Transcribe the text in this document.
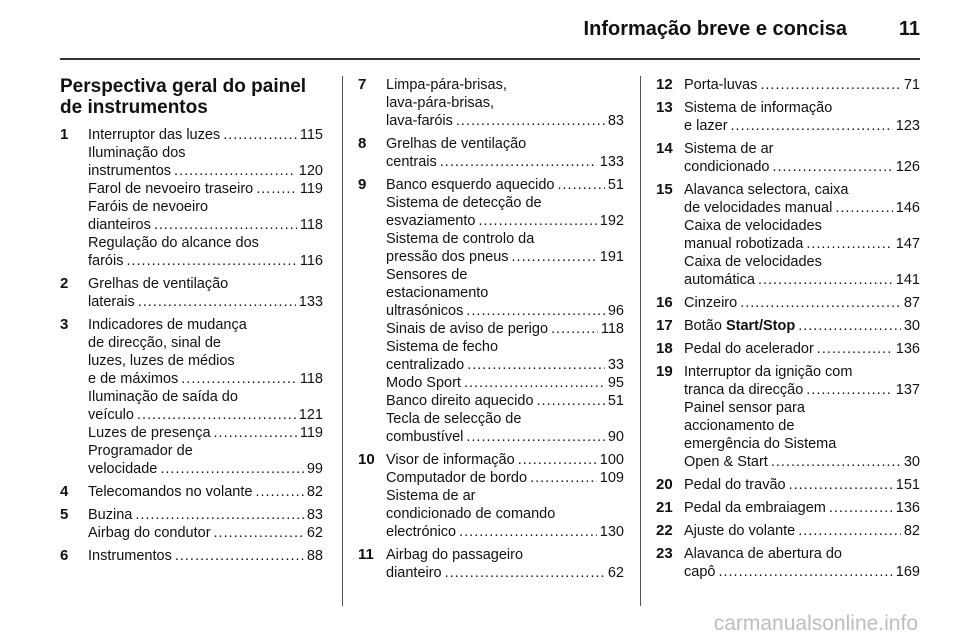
Informação breve e concisa	11
Perspectiva geral do painel de instrumentos
1	Interruptor das luzes .....	115
Iluminação dos
instrumentos .....	120
Farol de nevoeiro traseiro .....	119
Faróis de nevoeiro
dianteiros .....	118
Regulação do alcance dos
faróis .....	116
2	Grelhas de ventilação
laterais .....	133
3	Indicadores de mudança
de direcção, sinal de
luzes, luzes de médios
e de máximos .....	118
Iluminação de saída do
veículo .....	121
Luzes de presença .....	119
Programador de
velocidade .....	99
4	Telecomandos no volante .....	82
5	Buzina .....	83
Airbag do condutor .....	62
6	Instrumentos .....	88
7	Limpa-pára-brisas,
lava-pára-brisas,
lava-faróis .....	83
8	Grelhas de ventilação
centrais .....	133
9	Banco esquerdo aquecido .....	51
Sistema de detecção de
esvaziamento .....	192
Sistema de controlo da
pressão dos pneus .....	191
Sensores de
estacionamento
ultrasónicos .....	96
Sinais de aviso de perigo .....	118
Sistema de fecho
centralizado .....	33
Modo Sport .....	95
Banco direito aquecido .....	51
Tecla de selecção de
combustível .....	90
10 Visor de informação .....	100
Computador de bordo .....	109
Sistema de ar
condicionado de comando
electrónico .....	130
11 Airbag do passageiro
dianteiro .....	62
12 Porta-luvas .....	71
13 Sistema de informação
e lazer .....	123
14 Sistema de ar
condicionado .....	126
15 Alavanca selectora, caixa
de velocidades manual .....	146
Caixa de velocidades
manual robotizada .....	147
Caixa de velocidades
automática .....	141
16 Cinzeiro .....	87
17 Botão Start/Stop .....	30
18 Pedal do acelerador .....	136
19 Interruptor da ignição com
tranca da direcção .....	137
Painel sensor para
accionamento de
emergência do Sistema
Open & Start .....	30
20 Pedal do travão .....	151
21 Pedal da embraiagem .....	136
22 Ajuste do volante .....	82
23 Alavanca de abertura do
capô .....	169
carmanualsonline.info
